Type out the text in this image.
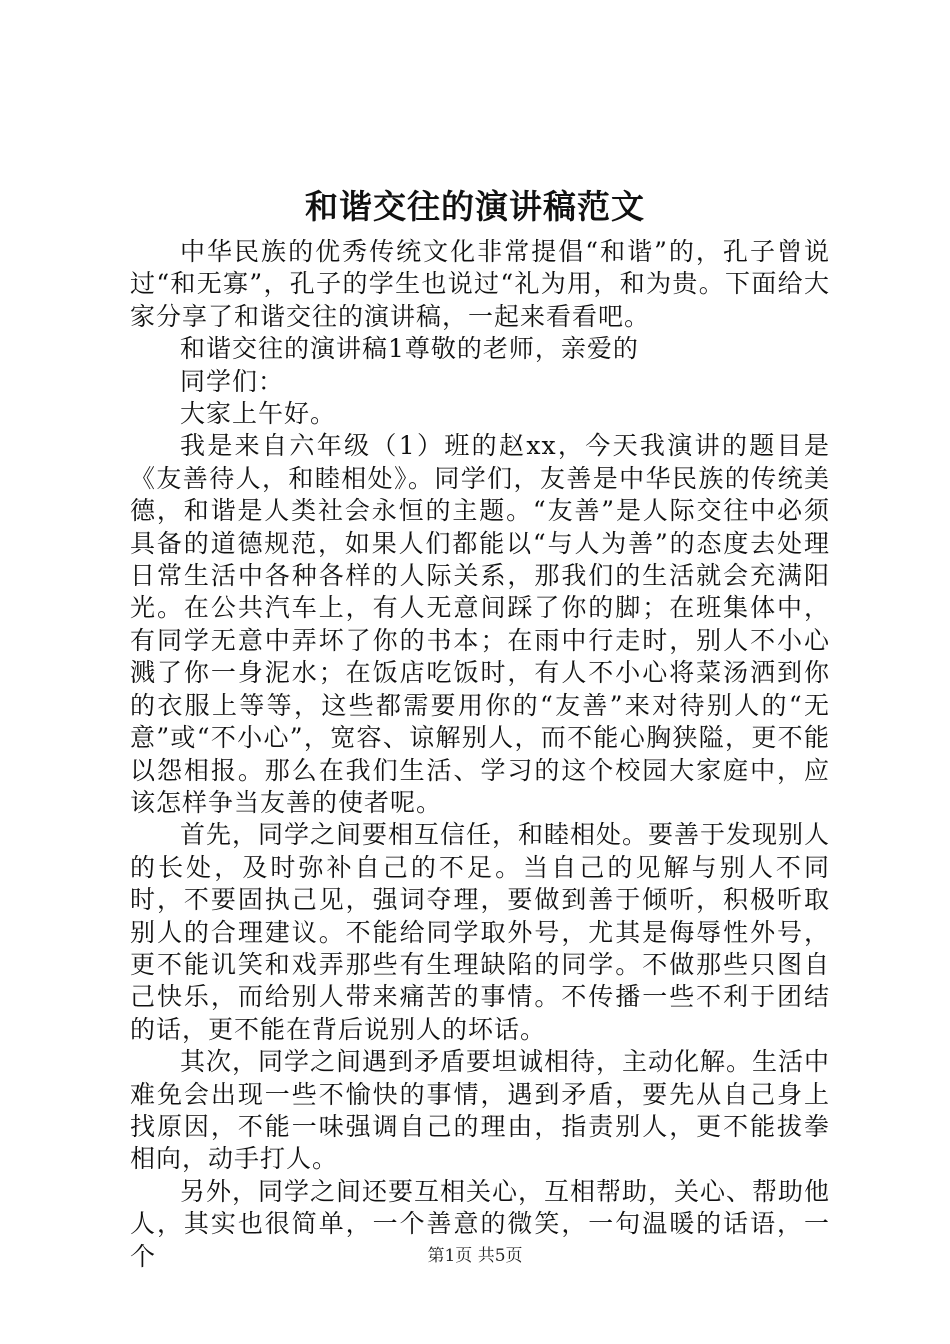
和谐交往的演讲稿范文

中华民族的优秀传统文化非常提倡“和谐”的，孔子曾说过“和无寡”，孔子的学生也说过“礼为用，和为贵。下面给大家分享了和谐交往的演讲稿，一起来看看吧。

和谐交往的演讲稿1尊敬的老师，亲爱的

同学们：

大家上午好。

我是来自六年级（1）班的赵xx，今天我演讲的题目是《友善待人，和睦相处》。同学们，友善是中华民族的传统美德，和谐是人类社会永恒的主题。“友善”是人际交往中必须具备的道德规范，如果人们都能以“与人为善”的态度去处理日常生活中各种各样的人际关系，那我们的生活就会充满阳光。在公共汽车上，有人无意间踩了你的脚；在班集体中，有同学无意中弄坏了你的书本；在雨中行走时，别人不小心溅了你一身泥水；在饭店吃饭时，有人不小心将菜汤洒到你的衣服上等等，这些都需要用你的“友善”来对待别人的“无意”或“不小心”，宽容、谅解别人，而不能心胸狭隘，更不能以怨相报。那么在我们生活、学习的这个校园大家庭中，应该怎样争当友善的使者呢。

首先，同学之间要相互信任，和睦相处。要善于发现别人的长处，及时弥补自己的不足。当自己的见解与别人不同时，不要固执己见，强词夺理，要做到善于倾听，积极听取别人的合理建议。不能给同学取外号，尤其是侮辱性外号，更不能讥笑和戏弄那些有生理缺陷的同学。不做那些只图自己快乐，而给别人带来痛苦的事情。不传播一些不利于团结的话，更不能在背后说别人的坏话。

其次，同学之间遇到矛盾要坦诚相待，主动化解。生活中难免会出现一些不愉快的事情，遇到矛盾，要先从自己身上找原因，不能一味强调自己的理由，指责别人，更不能拔拳相向，动手打人。

另外，同学之间还要互相关心，互相帮助，关心、帮助他人，其实也很简单，一个善意的微笑，一句温暖的话语，一个	第1页 共5页
